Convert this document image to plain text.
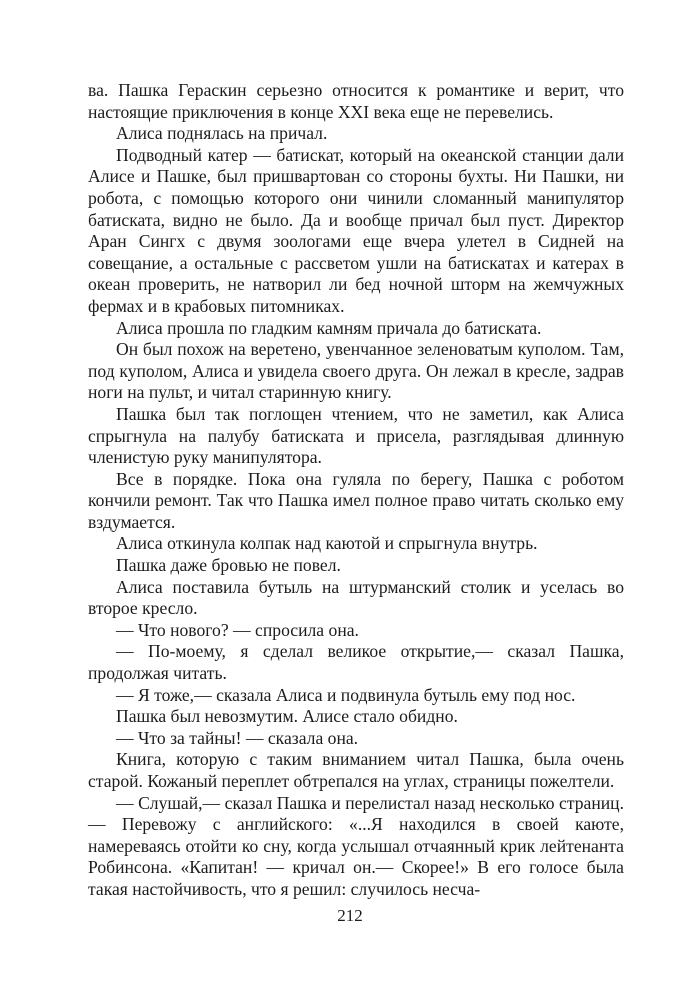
ва. Пашка Гераскин серьезно относится к романтике и верит, что настоящие приключения в конце XXI века еще не перевелись.

Алиса поднялась на причал.

Подводный катер — батискат, который на океанской станции дали Алисе и Пашке, был пришвартован со стороны бухты. Ни Пашки, ни робота, с помощью которого они чинили сломанный манипулятор батиската, видно не было. Да и вообще причал был пуст. Директор Аран Сингх с двумя зоологами еще вчера улетел в Сидней на совещание, а остальные с рассветом ушли на батискатах и катерах в океан проверить, не натворил ли бед ночной шторм на жемчужных фермах и в крабовых питомниках.

Алиса прошла по гладким камням причала до батиската.

Он был похож на веретено, увенчанное зеленоватым куполом. Там, под куполом, Алиса и увидела своего друга. Он лежал в кресле, задрав ноги на пульт, и читал старинную книгу.

Пашка был так поглощен чтением, что не заметил, как Алиса спрыгнула на палубу батиската и присела, разглядывая длинную членистую руку манипулятора.

Все в порядке. Пока она гуляла по берегу, Пашка с роботом кончили ремонт. Так что Пашка имел полное право читать сколько ему вздумается.

Алиса откинула колпак над каютой и спрыгнула внутрь.

Пашка даже бровью не повел.

Алиса поставила бутыль на штурманский столик и уселась во второе кресло.

— Что нового? — спросила она.

— По-моему, я сделал великое открытие,— сказал Пашка, продолжая читать.

— Я тоже,— сказала Алиса и подвинула бутыль ему под нос.

Пашка был невозмутим. Алисе стало обидно.

— Что за тайны! — сказала она.

Книга, которую с таким вниманием читал Пашка, была очень старой. Кожаный переплет обтрепался на углах, страницы пожелтели.

— Слушай,— сказал Пашка и перелистал назад несколько страниц.— Перевожу с английского: «...Я находился в своей каюте, намереваясь отойти ко сну, когда услышал отчаянный крик лейтенанта Робинсона. «Капитан! — кричал он.— Скорее!» В его голосе была такая настойчивость, что я решил: случилось несча-

212
